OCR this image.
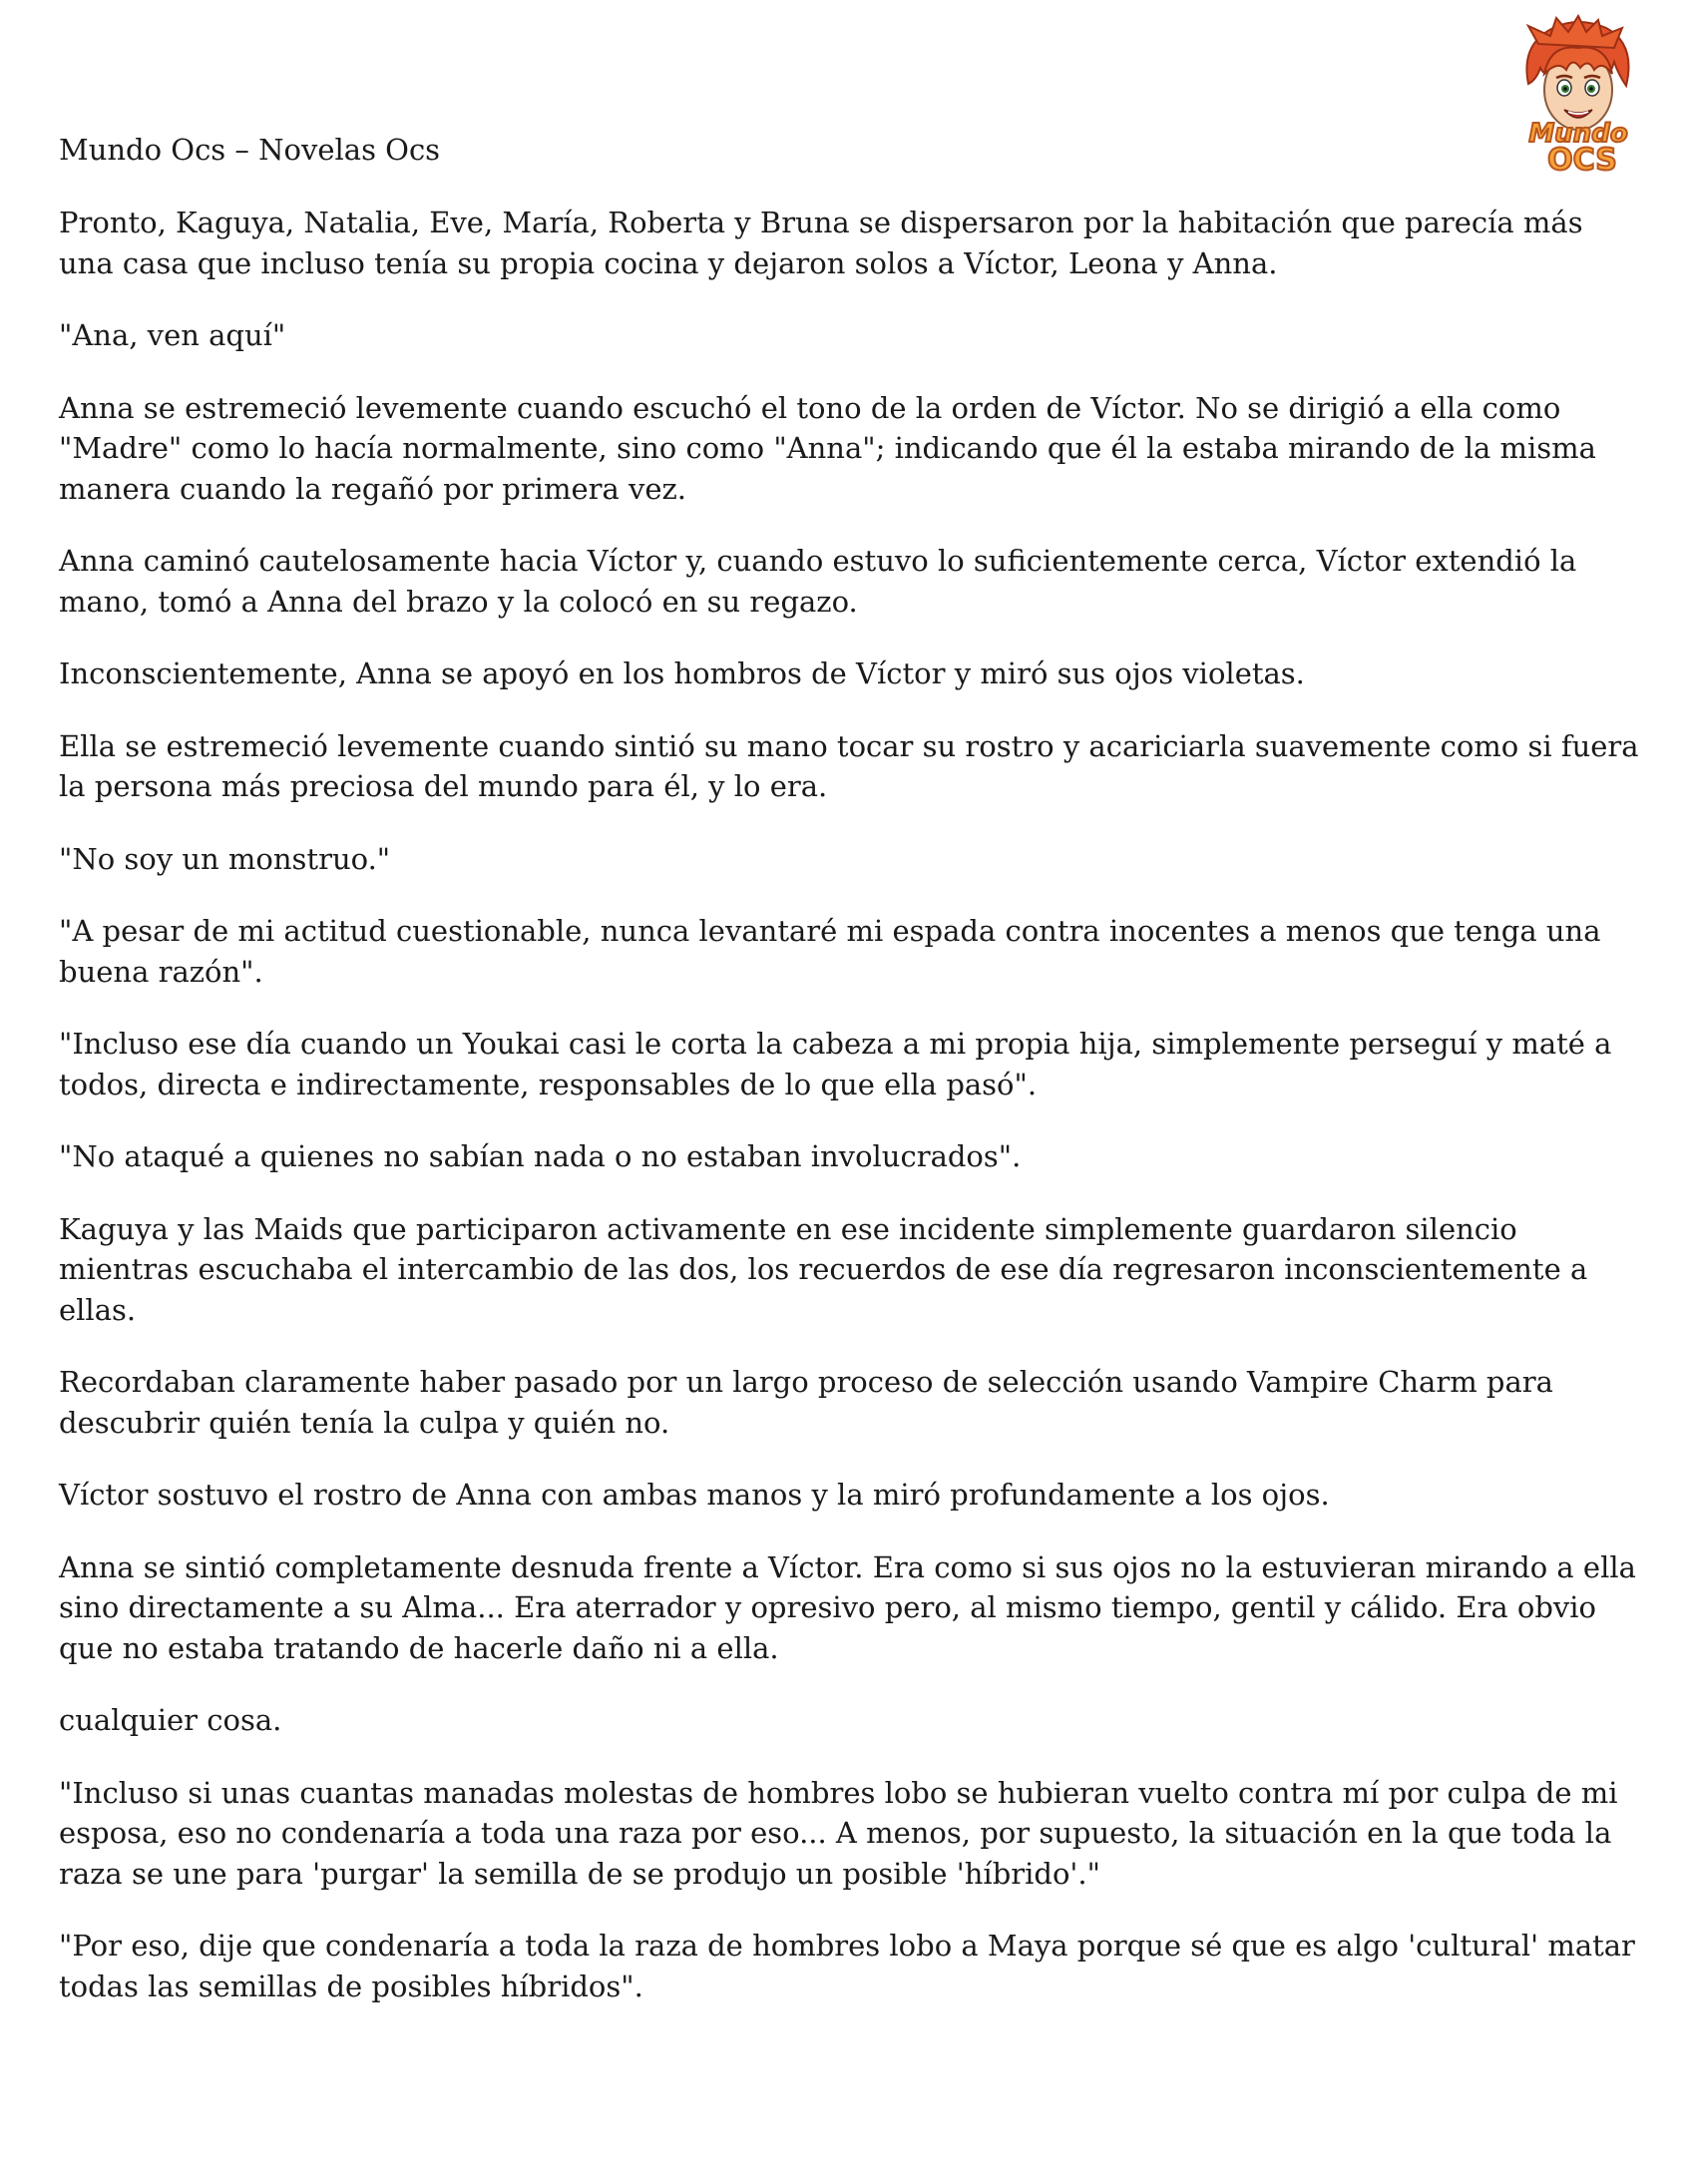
Mundo Ocs – Novelas Ocs	Mundo
OCS

Pronto, Kaguya, Natalia, Eve, María, Roberta y Bruna se dispersaron por la habitación que parecía más una casa que incluso tenía su propia cocina y dejaron solos a Víctor, Leona y Anna.

"Ana, ven aquí"

Anna se estremeció levemente cuando escuchó el tono de la orden de Víctor. No se dirigió a ella como "Madre" como lo hacía normalmente, sino como "Anna"; indicando que él la estaba mirando de la misma manera cuando la regañó por primera vez.

Anna caminó cautelosamente hacia Víctor y, cuando estuvo lo suficientemente cerca, Víctor extendió la mano, tomó a Anna del brazo y la colocó en su regazo.

Inconscientemente, Anna se apoyó en los hombros de Víctor y miró sus ojos violetas.

Ella se estremeció levemente cuando sintió su mano tocar su rostro y acariciarla suavemente como si fuera la persona más preciosa del mundo para él, y lo era.

"No soy un monstruo."

"A pesar de mi actitud cuestionable, nunca levantaré mi espada contra inocentes a menos que tenga una buena razón".

"Incluso ese día cuando un Youkai casi le corta la cabeza a mi propia hija, simplemente perseguí y maté a todos, directa e indirectamente, responsables de lo que ella pasó".

"No ataqué a quienes no sabían nada o no estaban involucrados".

Kaguya y las Maids que participaron activamente en ese incidente simplemente guardaron silencio mientras escuchaba el intercambio de las dos, los recuerdos de ese día regresaron inconscientemente a ellas.

Recordaban claramente haber pasado por un largo proceso de selección usando Vampire Charm para descubrir quién tenía la culpa y quién no.

Víctor sostuvo el rostro de Anna con ambas manos y la miró profundamente a los ojos.

Anna se sintió completamente desnuda frente a Víctor. Era como si sus ojos no la estuvieran mirando a ella sino directamente a su Alma... Era aterrador y opresivo pero, al mismo tiempo, gentil y cálido. Era obvio que no estaba tratando de hacerle daño ni a ella.

cualquier cosa.

"Incluso si unas cuantas manadas molestas de hombres lobo se hubieran vuelto contra mí por culpa de mi esposa, eso no condenaría a toda una raza por eso... A menos, por supuesto, la situación en la que toda la raza se une para 'purgar' la semilla de se produjo un posible 'híbrido'."

"Por eso, dije que condenaría a toda la raza de hombres lobo a Maya porque sé que es algo 'cultural' matar todas las semillas de posibles híbridos".
